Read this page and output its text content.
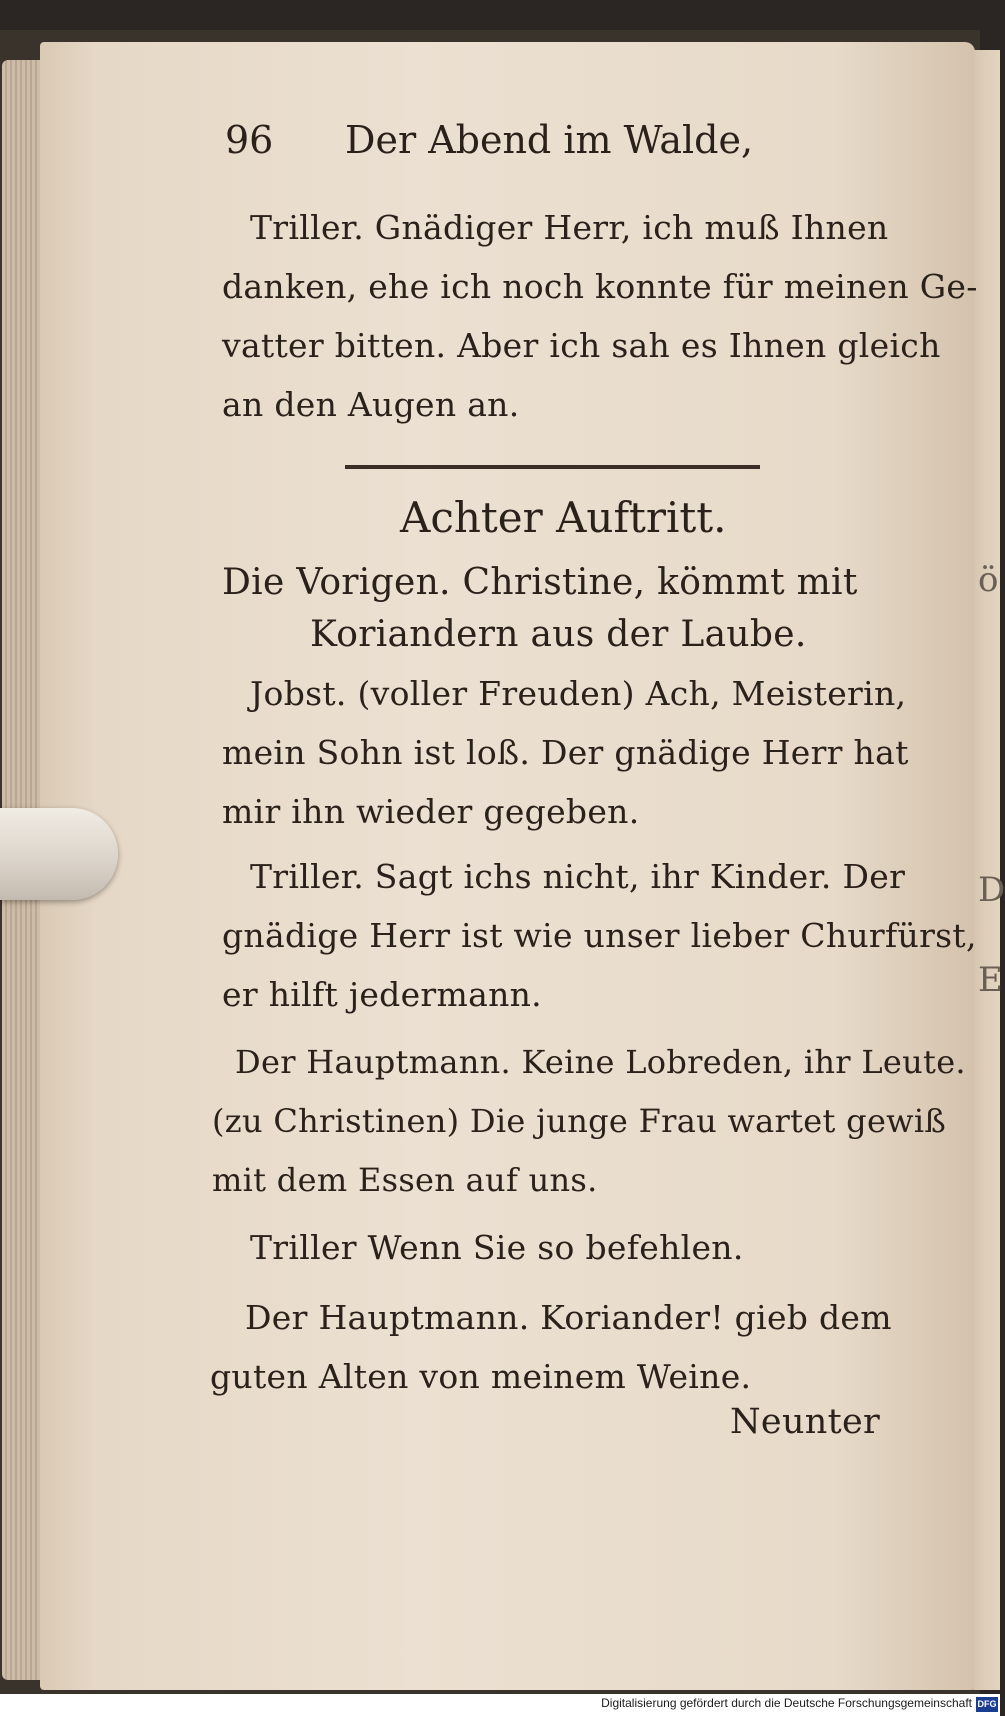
ö
D
E
96 Der Abend im Walde,
Triller. Gnädiger Herr, ich muß Ihnen
danken, ehe ich noch konnte für meinen Ge-
vatter bitten. Aber ich sah es Ihnen gleich
an den Augen an.
Achter Auftritt.
Die Vorigen. Christine, kömmt mit
Koriandern aus der Laube.
Jobst. (voller Freuden) Ach, Meisterin,
mein Sohn ist loß. Der gnädige Herr hat
mir ihn wieder gegeben.
Triller. Sagt ichs nicht, ihr Kinder. Der
gnädige Herr ist wie unser lieber Churfürst,
er hilft jedermann.
Der Hauptmann. Keine Lobreden, ihr Leute.
(zu Christinen) Die junge Frau wartet gewiß
mit dem Essen auf uns.
Triller Wenn Sie so befehlen.
Der Hauptmann. Koriander! gieb dem
guten Alten von meinem Weine.
Neunter
Digitalisierung gefördert durch die Deutsche Forschungsgemeinschaft DFG
